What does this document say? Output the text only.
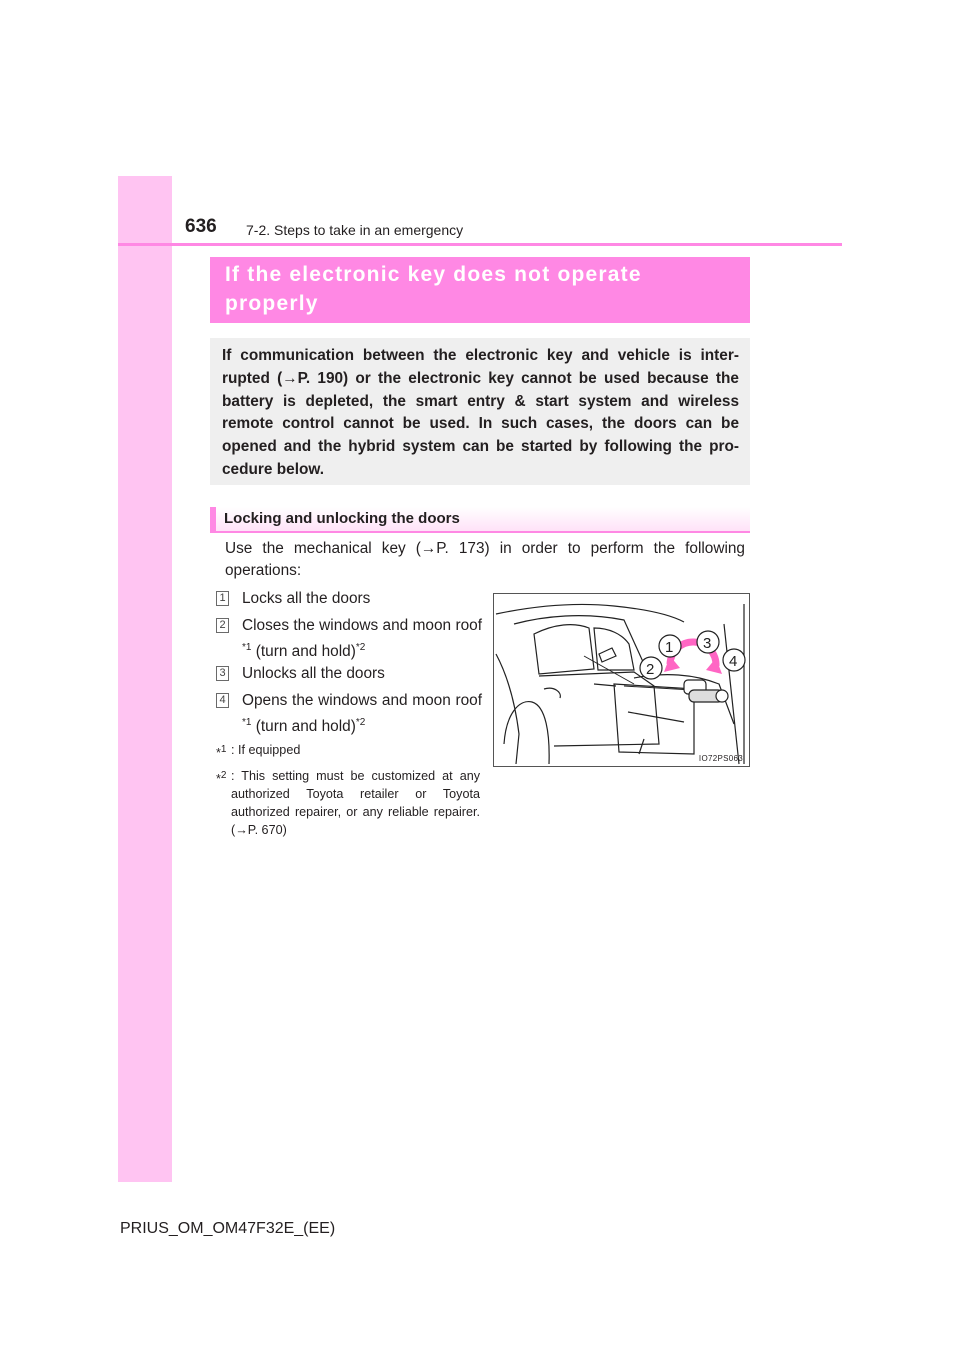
636 7-2. Steps to take in an emergency
If the electronic key does not operate
properly
If communication between the electronic key and vehicle is inter-rupted (→P. 190) or the electronic key cannot be used because the battery is depleted, the smart entry & start system and wireless remote control cannot be used. In such cases, the doors can be opened and the hybrid system can be started by following the pro-cedure below.
Locking and unlocking the doors
Use the mechanical key (→P. 173) in order to perform the following operations:
1 Locks all the doors
2 Closes the windows and moon roof $^{*1}$ (turn and hold)$^{*2}$
3 Unlocks all the doors
4 Opens the windows and moon roof $^{*1}$ (turn and hold)$^{*2}$
*$^1$ : If equipped
*$^2$ : This setting must be customized at any authorized Toyota retailer or Toyota authorized repairer, or any reliable repairer. (→P. 670)
1 3
2	4
IO72PS063
PRIUS_OM_OM47F32E_(EE)
